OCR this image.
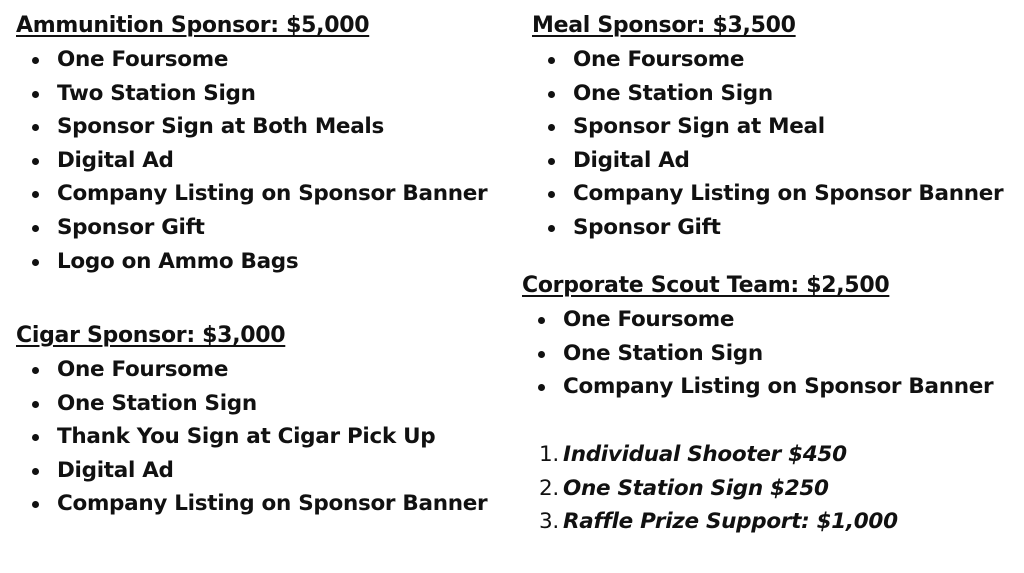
Ammunition Sponsor: $5,000
One Foursome
Two Station Sign
Sponsor Sign at Both Meals
Digital Ad
Company Listing on Sponsor Banner
Sponsor Gift
Logo on Ammo Bags
Cigar Sponsor: $3,000
One Foursome
One Station Sign
Thank You Sign at Cigar Pick Up
Digital Ad
Company Listing on Sponsor Banner
Meal Sponsor: $3,500
One Foursome
One Station Sign
Sponsor Sign at Meal
Digital Ad
Company Listing on Sponsor Banner
Sponsor Gift
Corporate Scout Team: $2,500
One Foursome
One Station Sign
Company Listing on Sponsor Banner
1. Individual Shooter $450
2. One Station Sign $250
3. Raffle Prize Support: $1,000
